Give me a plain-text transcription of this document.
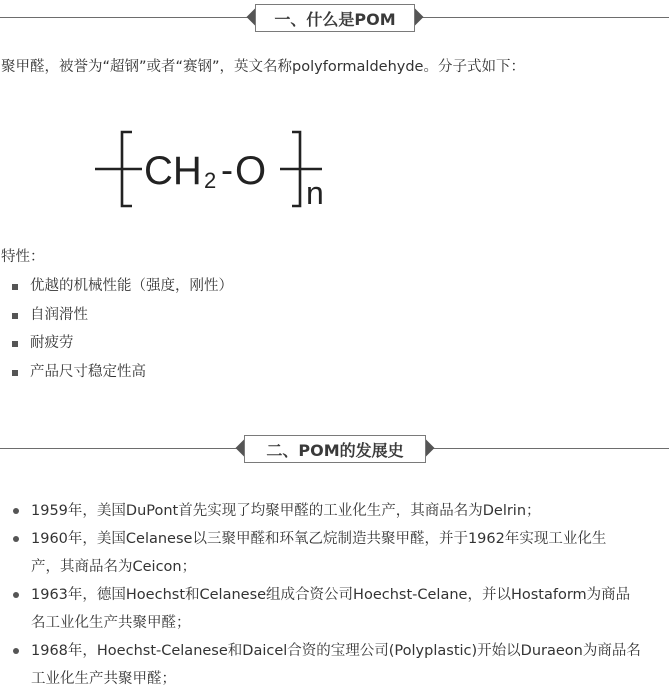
一、什么是POM
聚甲醛，被誉为“超钢”或者“赛钢”，英文名称polyformaldehyde。分子式如下：
CH 2 - O n
特性：
优越的机械性能（强度，刚性）
自润滑性
耐疲劳
产品尺寸稳定性高
二、POM的发展史
1959年，美国DuPont首先实现了均聚甲醛的工业化生产，其商品名为Delrin；
1960年，美国Celanese以三聚甲醛和环氧乙烷制造共聚甲醛，并于1962年实现工业化生
产，其商品名为Ceicon；
1963年，德国Hoechst和Celanese组成合资公司Hoechst-Celane，并以Hostaform为商品
名工业化生产共聚甲醛；
1968年，Hoechst-Celanese和Daicel合资的宝理公司(Polyplastic)开始以Duraeon为商品名
工业化生产共聚甲醛；
